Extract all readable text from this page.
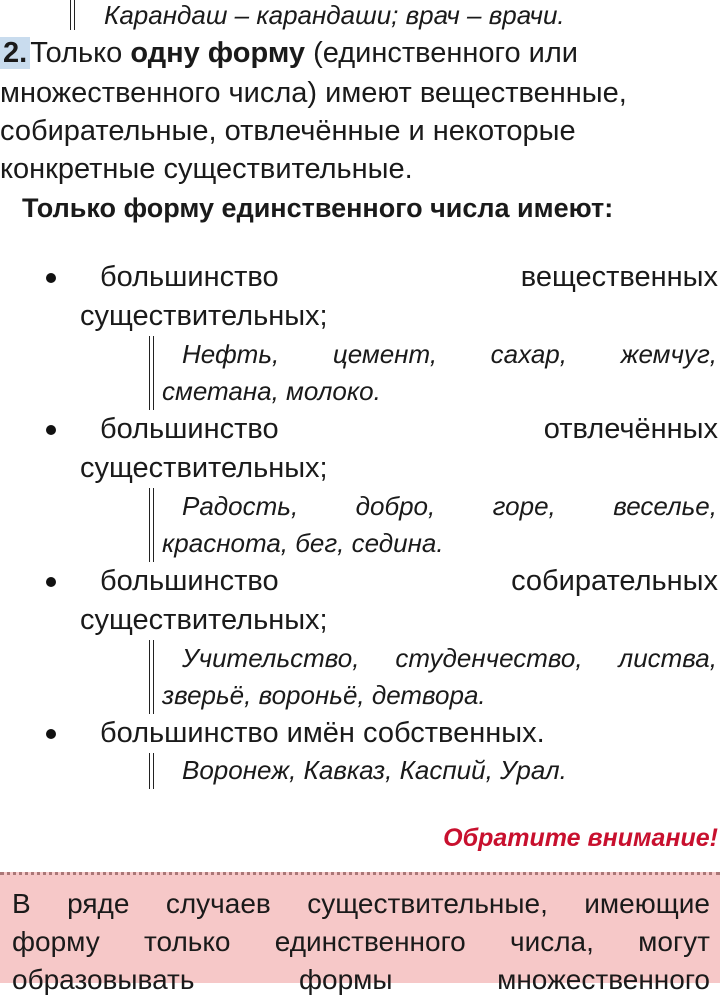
Карандаш – карандаши; врач – врачи.
2. Только одну форму (единственного или
множественного числа) имеют вещественные,
собирательные, отвлечённые и некоторые
конкретные существительные.
Только форму единственного числа имеют:
большинство	вещественных
существительных;
Нефть, цемент, сахар, жемчуг,
сметана, молоко.
большинство	отвлечённых
существительных;
Радость, добро, горе, веселье,
краснота, бег, седина.
большинство	собирательных
существительных;
Учительство, студенчество, листва,
зверьё, вороньё, детвора.
большинство имён собственных.
Воронеж, Кавказ, Каспий, Урал.
Обратите внимание!
В ряде случаев существительные, имеющие
форму только единственного числа, могут
образовывать формы множественного
